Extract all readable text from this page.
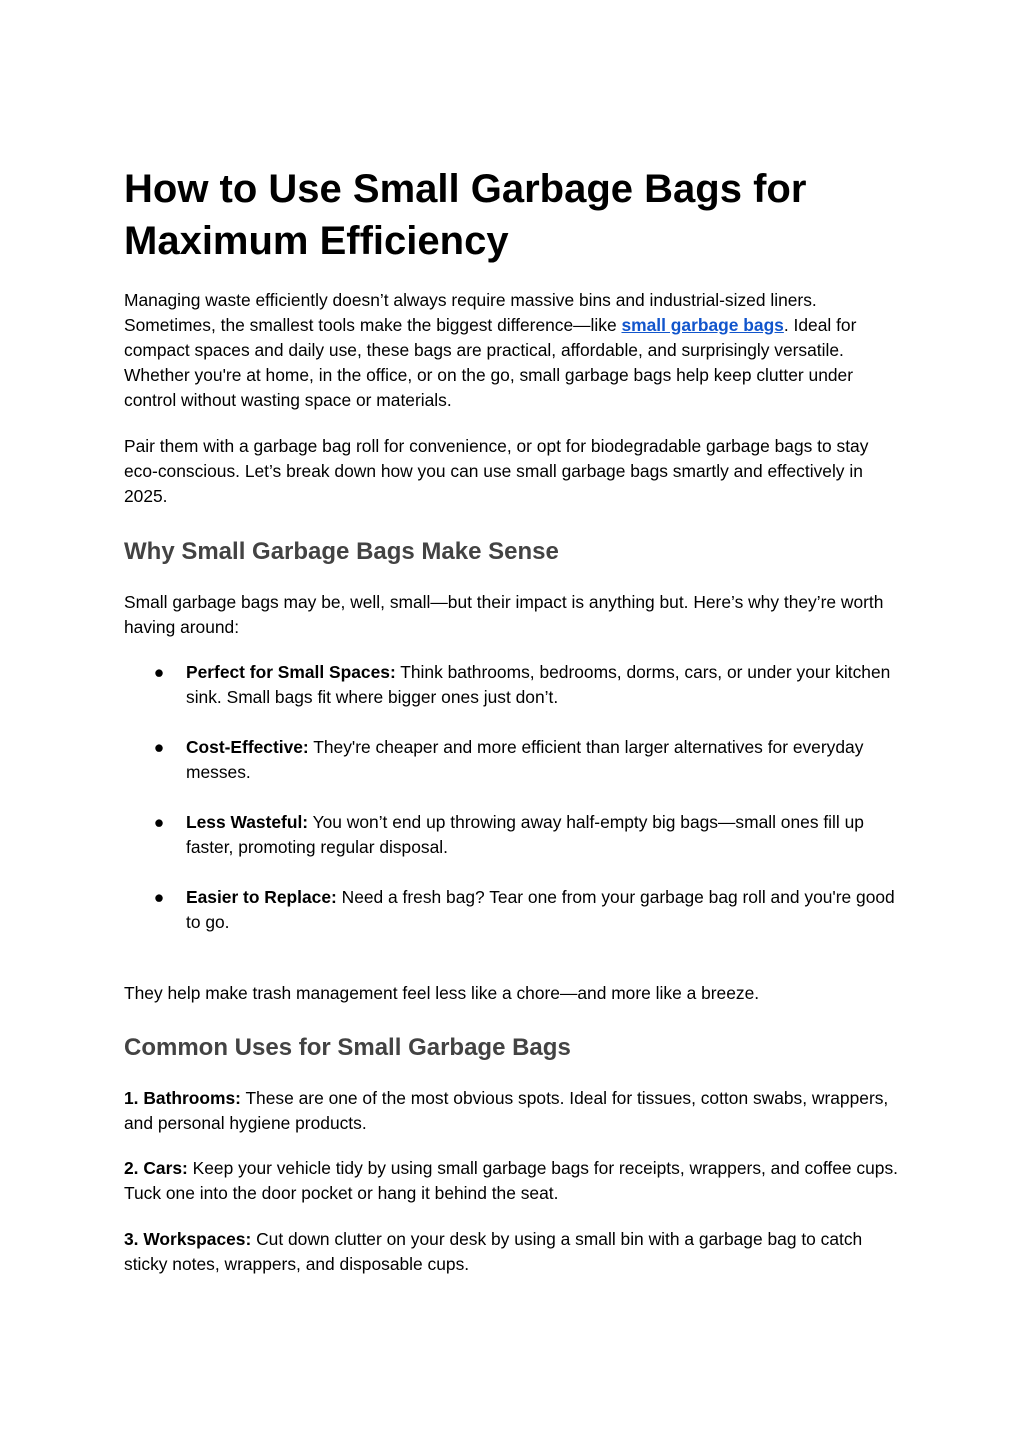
How to Use Small Garbage Bags for Maximum Efficiency

Managing waste efficiently doesn’t always require massive bins and industrial-sized liners. Sometimes, the smallest tools make the biggest difference—like small garbage bags. Ideal for compact spaces and daily use, these bags are practical, affordable, and surprisingly versatile. Whether you're at home, in the office, or on the go, small garbage bags help keep clutter under control without wasting space or materials.

Pair them with a garbage bag roll for convenience, or opt for biodegradable garbage bags to stay eco-conscious. Let’s break down how you can use small garbage bags smartly and effectively in 2025.

Why Small Garbage Bags Make Sense

Small garbage bags may be, well, small—but their impact is anything but. Here’s why they’re worth having around:

● Perfect for Small Spaces: Think bathrooms, bedrooms, dorms, cars, or under your kitchen sink. Small bags fit where bigger ones just don’t.
● Cost-Effective: They're cheaper and more efficient than larger alternatives for everyday messes.
● Less Wasteful: You won’t end up throwing away half-empty big bags—small ones fill up faster, promoting regular disposal.
● Easier to Replace: Need a fresh bag? Tear one from your garbage bag roll and you're good to go.

They help make trash management feel less like a chore—and more like a breeze.

Common Uses for Small Garbage Bags

1. Bathrooms: These are one of the most obvious spots. Ideal for tissues, cotton swabs, wrappers, and personal hygiene products.

2. Cars: Keep your vehicle tidy by using small garbage bags for receipts, wrappers, and coffee cups. Tuck one into the door pocket or hang it behind the seat.

3. Workspaces: Cut down clutter on your desk by using a small bin with a garbage bag to catch sticky notes, wrappers, and disposable cups.
